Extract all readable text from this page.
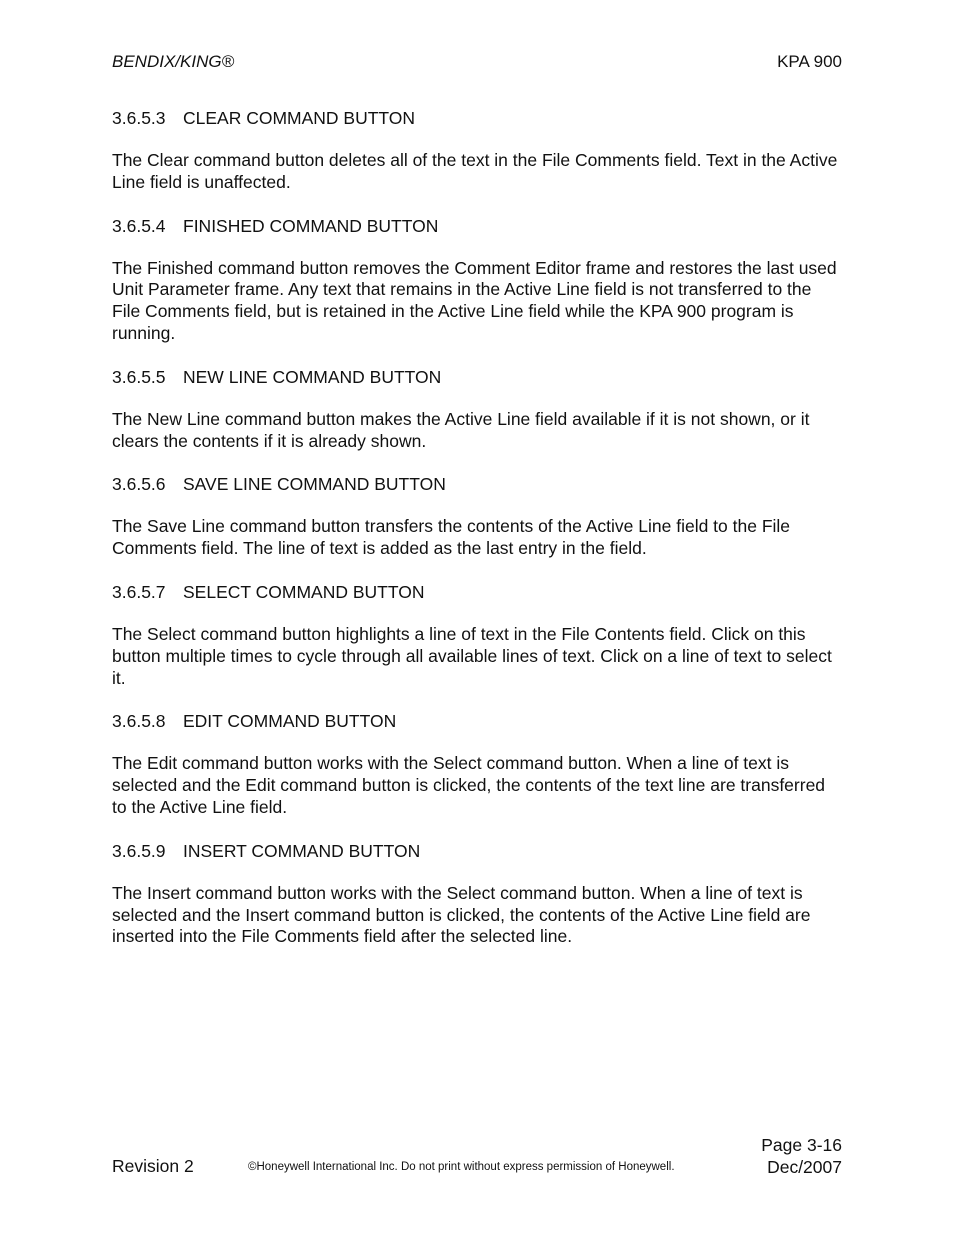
BENDIX/KING®	KPA 900
3.6.5.3 CLEAR COMMAND BUTTON

The Clear command button deletes all of the text in the File Comments field. Text in the Active Line field is unaffected.

3.6.5.4 FINISHED COMMAND BUTTON

The Finished command button removes the Comment Editor frame and restores the last used Unit Parameter frame. Any text that remains in the Active Line field is not transferred to the File Comments field, but is retained in the Active Line field while the KPA 900 program is running.

3.6.5.5 NEW LINE COMMAND BUTTON

The New Line command button makes the Active Line field available if it is not shown, or it clears the contents if it is already shown.

3.6.5.6 SAVE LINE COMMAND BUTTON

The Save Line command button transfers the contents of the Active Line field to the File Comments field. The line of text is added as the last entry in the field.

3.6.5.7 SELECT COMMAND BUTTON

The Select command button highlights a line of text in the File Contents field. Click on this button multiple times to cycle through all available lines of text. Click on a line of text to select it.

3.6.5.8 EDIT COMMAND BUTTON

The Edit command button works with the Select command button. When a line of text is selected and the Edit command button is clicked, the contents of the text line are transferred to the Active Line field.

3.6.5.9 INSERT COMMAND BUTTON

The Insert command button works with the Select command button. When a line of text is selected and the Insert command button is clicked, the contents of the Active Line field are inserted into the File Comments field after the selected line.

Revision 2	©Honeywell International Inc. Do not print without express permission of Honeywell.
Page 3-16
Dec/2007
